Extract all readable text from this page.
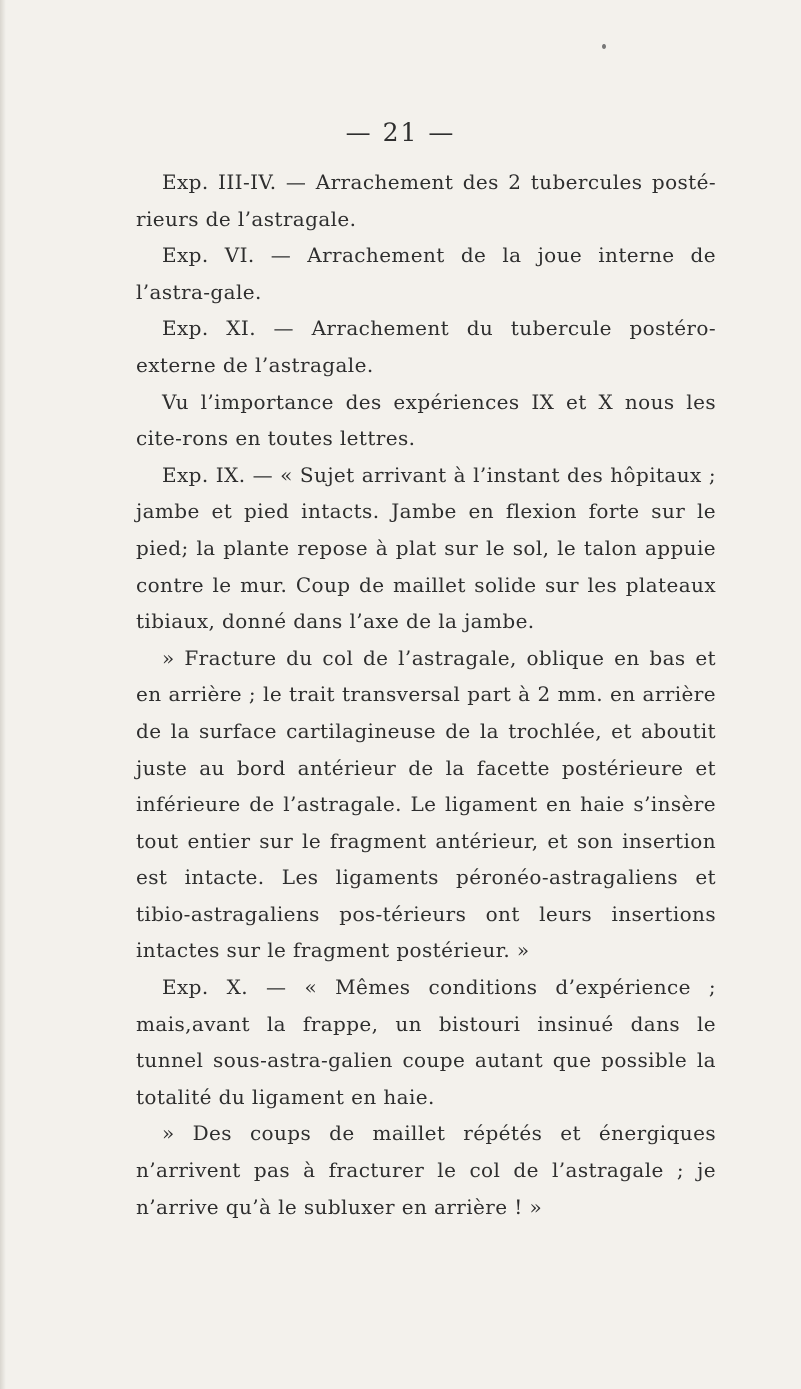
— 21 —

Exp. III-IV. — Arrachement des 2 tubercules posté-rieurs de l’astragale.

Exp. VI. — Arrachement de la joue interne de l’astra-gale.

Exp. XI. — Arrachement du tubercule postéro-externe de l’astragale.

Vu l’importance des expériences IX et X nous les cite-rons en toutes lettres.

Exp. IX. — « Sujet arrivant à l’instant des hôpitaux ; jambe et pied intacts. Jambe en flexion forte sur le pied; la plante repose à plat sur le sol, le talon appuie contre le mur. Coup de maillet solide sur les plateaux tibiaux, donné dans l’axe de la jambe.

» Fracture du col de l’astragale, oblique en bas et en arrière ; le trait transversal part à 2 mm. en arrière de la surface cartilagineuse de la trochlée, et aboutit juste au bord antérieur de la facette postérieure et inférieure de l’astragale. Le ligament en haie s’insère tout entier sur le fragment antérieur, et son insertion est intacte. Les ligaments péronéo-astragaliens et tibio-astragaliens pos-térieurs ont leurs insertions intactes sur le fragment postérieur. »

Exp. X. — « Mêmes conditions d’expérience ; mais,avant la frappe, un bistouri insinué dans le tunnel sous-astra-galien coupe autant que possible la totalité du ligament en haie.

» Des coups de maillet répétés et énergiques n’arrivent pas à fracturer le col de l’astragale ; je n’arrive qu’à le subluxer en arrière ! »
